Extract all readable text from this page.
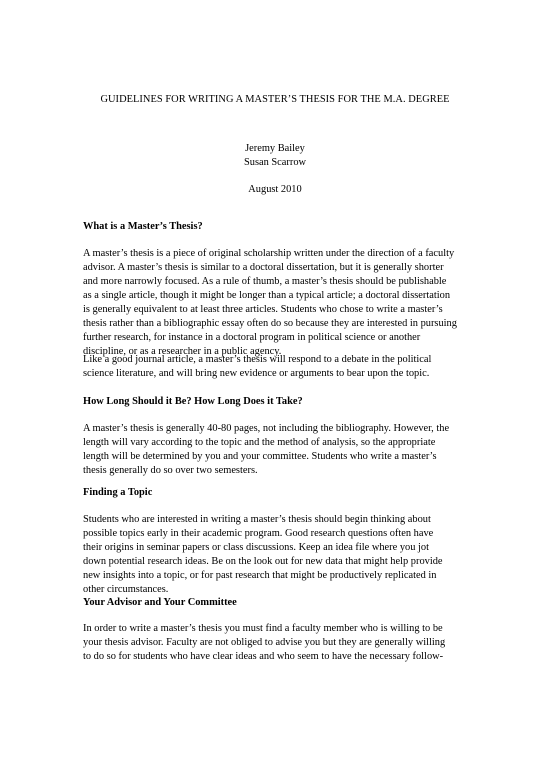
GUIDELINES FOR WRITING A MASTER’S THESIS FOR THE M.A. DEGREE
Jeremy Bailey
Susan Scarrow
August 2010
What is a Master’s Thesis?
A master’s thesis is a piece of original scholarship written under the direction of a faculty
advisor. A master’s thesis is similar to a doctoral dissertation, but it is generally shorter
and more narrowly focused. As a rule of thumb, a master’s thesis should be publishable
as a single article, though it might be longer than a typical article; a doctoral dissertation
is generally equivalent to at least three articles. Students who chose to write a master’s
thesis rather than a bibliographic essay often do so because they are interested in pursuing
further research, for instance in a doctoral program in political science or another
discipline, or as a researcher in a public agency.
Like a good journal article, a master’s thesis will respond to a debate in the political
science literature, and will bring new evidence or arguments to bear upon the topic.
How Long Should it Be? How Long Does it Take?
A master’s thesis is generally 40-80 pages, not including the bibliography. However, the
length will vary according to the topic and the method of analysis, so the appropriate
length will be determined by you and your committee. Students who write a master’s
thesis generally do so over two semesters.
Finding a Topic
Students who are interested in writing a master’s thesis should begin thinking about
possible topics early in their academic program. Good research questions often have
their origins in seminar papers or class discussions. Keep an idea file where you jot
down potential research ideas. Be on the look out for new data that might help provide
new insights into a topic, or for past research that might be productively replicated in
other circumstances.
Your Advisor and Your Committee
In order to write a master’s thesis you must find a faculty member who is willing to be
your thesis advisor. Faculty are not obliged to advise you but they are generally willing
to do so for students who have clear ideas and who seem to have the necessary follow-
